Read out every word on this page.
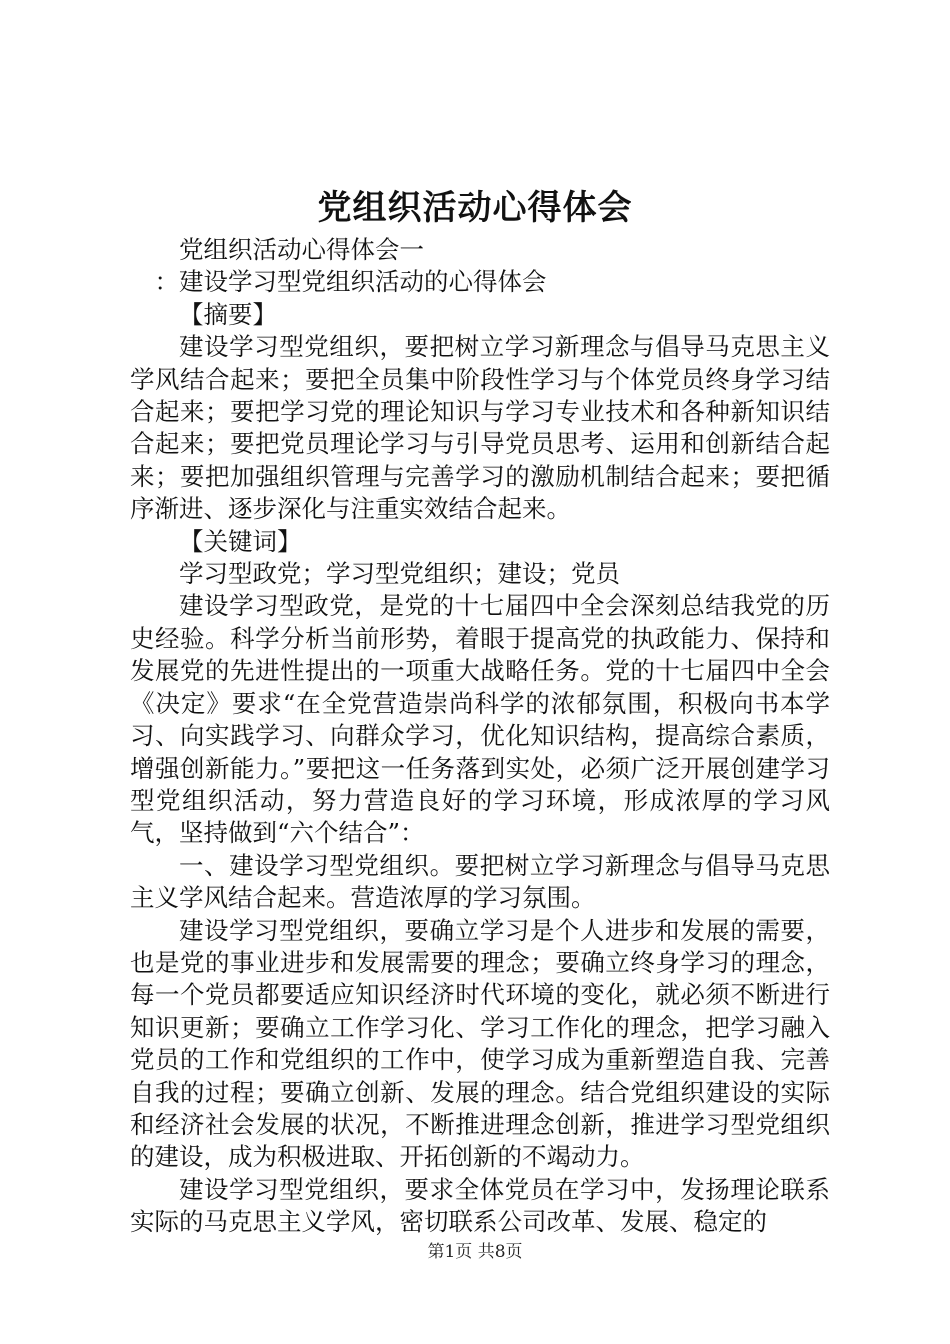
党组织活动心得体会

党组织活动心得体会一

：建设学习型党组织活动的心得体会

【摘要】

建设学习型党组织，要把树立学习新理念与倡导马克思主义学风结合起来；要把全员集中阶段性学习与个体党员终身学习结合起来；要把学习党的理论知识与学习专业技术和各种新知识结合起来；要把党员理论学习与引导党员思考、运用和创新结合起来；要把加强组织管理与完善学习的激励机制结合起来；要把循序渐进、逐步深化与注重实效结合起来。

【关键词】

学习型政党；学习型党组织；建设；党员

建设学习型政党，是党的十七届四中全会深刻总结我党的历史经验。科学分析当前形势，着眼于提高党的执政能力、保持和发展党的先进性提出的一项重大战略任务。党的十七届四中全会《决定》要求“在全党营造崇尚科学的浓郁氛围，积极向书本学习、向实践学习、向群众学习，优化知识结构，提高综合素质，增强创新能力。”要把这一任务落到实处，必须广泛开展创建学习型党组织活动，努力营造良好的学习环境，形成浓厚的学习风气，坚持做到“六个结合”：

一、建设学习型党组织。要把树立学习新理念与倡导马克思主义学风结合起来。营造浓厚的学习氛围。

建设学习型党组织，要确立学习是个人进步和发展的需要，也是党的事业进步和发展需要的理念；要确立终身学习的理念，每一个党员都要适应知识经济时代环境的变化，就必须不断进行知识更新；要确立工作学习化、学习工作化的理念，把学习融入党员的工作和党组织的工作中，使学习成为重新塑造自我、完善自我的过程；要确立创新、发展的理念。结合党组织建设的实际和经济社会发展的状况，不断推进理念创新，推进学习型党组织的建设，成为积极进取、开拓创新的不竭动力。

建设学习型党组织，要求全体党员在学习中，发扬理论联系实际的马克思主义学风，密切联系公司改革、发展、稳定的

第1页 共8页
